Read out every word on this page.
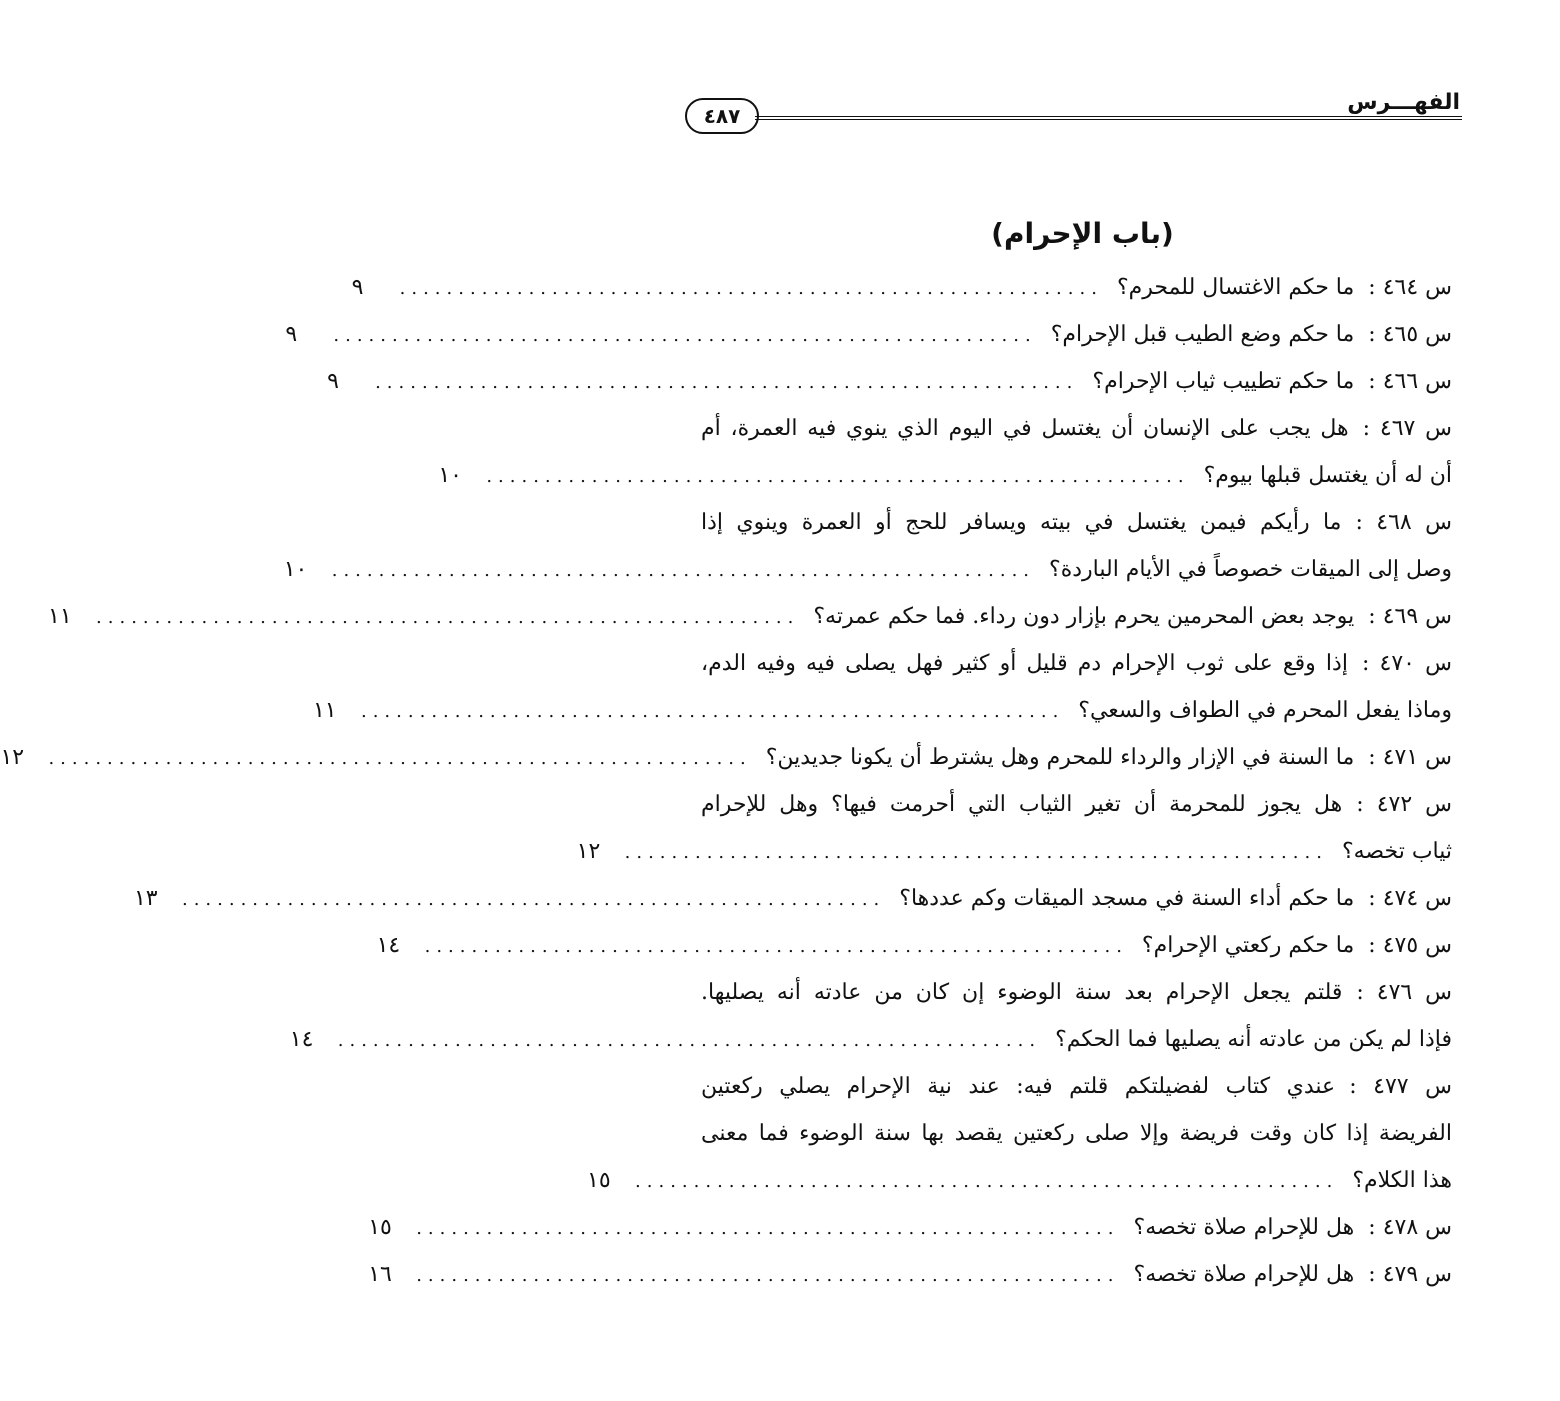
الفهـــرس
٤٨٧
(باب الإحرام)
س ٤٦٤ :ما حكم الاغتسال للمحرم؟
............................................................
٩
س ٤٦٥ :ما حكم وضع الطيب قبل الإحرام؟
............................................................
٩
س ٤٦٦ :ما حكم تطييب ثياب الإحرام؟
............................................................
٩
س ٤٦٧ :هل يجب على الإنسان أن يغتسل في اليوم الذي ينوي فيه العمرة، أم
أن له أن يغتسل قبلها بيوم؟
............................................................
١٠
س ٤٦٨ :ما رأيكم فيمن يغتسل في بيته ويسافر للحج أو العمرة وينوي إذا
وصل إلى الميقات خصوصاً في الأيام الباردة؟
............................................................
١٠
س ٤٦٩ :يوجد بعض المحرمين يحرم بإزار دون رداء. فما حكم عمرته؟
............................................................
١١
س ٤٧٠ :إذا وقع على ثوب الإحرام دم قليل أو كثير فهل يصلى فيه وفيه الدم،
وماذا يفعل المحرم في الطواف والسعي؟
............................................................
١١
س ٤٧١ :ما السنة في الإزار والرداء للمحرم وهل يشترط أن يكونا جديدين؟
............................................................
١٢
س ٤٧٢ :هل يجوز للمحرمة أن تغير الثياب التي أحرمت فيها؟ وهل للإحرام
ثياب تخصه؟
............................................................
١٢
س ٤٧٤ :ما حكم أداء السنة في مسجد الميقات وكم عددها؟
............................................................
١٣
س ٤٧٥ :ما حكم ركعتي الإحرام؟
............................................................
١٤
س ٤٧٦ :قلتم يجعل الإحرام بعد سنة الوضوء إن كان من عادته أنه يصليها.
فإذا لم يكن من عادته أنه يصليها فما الحكم؟
............................................................
١٤
س ٤٧٧ :عندي كتاب لفضيلتكم قلتم فيه: عند نية الإحرام يصلي ركعتين
الفريضة إذا كان وقت فريضة وإلا صلى ركعتين يقصد بها سنة الوضوء فما معنى
هذا الكلام؟
............................................................
١٥
س ٤٧٨ :هل للإحرام صلاة تخصه؟
............................................................
١٥
س ٤٧٩ :هل للإحرام صلاة تخصه؟
............................................................
١٦
